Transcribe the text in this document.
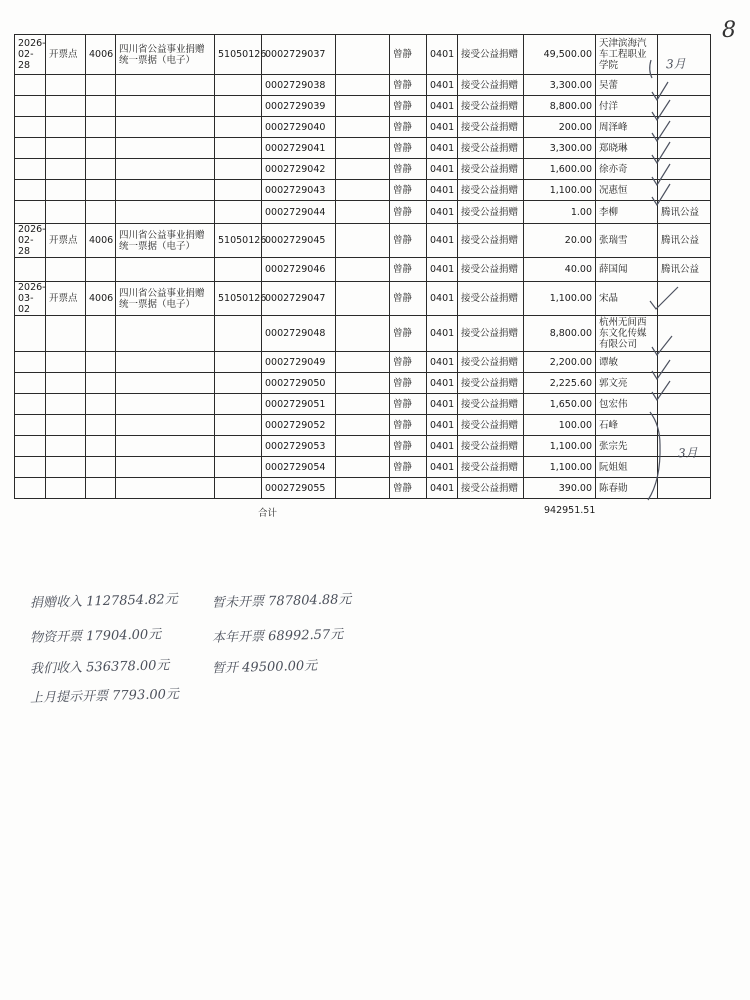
8
2026-02-28	开票点	4006	四川省公益事业捐赠统一票据（电子）	51050126	0002729037		曾静	0401	接受公益捐赠	49,500.00	天津滨海汽车工程职业学院	
					0002729038		曾静	0401	接受公益捐赠	3,300.00	吴蕾	
					0002729039		曾静	0401	接受公益捐赠	8,800.00	付洋	
					0002729040		曾静	0401	接受公益捐赠	200.00	周泽峰	
					0002729041		曾静	0401	接受公益捐赠	3,300.00	郑晓琳	
					0002729042		曾静	0401	接受公益捐赠	1,600.00	徐亦奇	
					0002729043		曾静	0401	接受公益捐赠	1,100.00	况惠恒	
					0002729044		曾静	0401	接受公益捐赠	1.00	李柳	腾讯公益
2026-02-28	开票点	4006	四川省公益事业捐赠统一票据（电子）	51050126	0002729045		曾静	0401	接受公益捐赠	20.00	张瑞雪	腾讯公益
					0002729046		曾静	0401	接受公益捐赠	40.00	薛国闻	腾讯公益
2026-03-02	开票点	4006	四川省公益事业捐赠统一票据（电子）	51050126	0002729047		曾静	0401	接受公益捐赠	1,100.00	宋晶	
					0002729048		曾静	0401	接受公益捐赠	8,800.00	杭州无间西东文化传媒有限公司	
					0002729049		曾静	0401	接受公益捐赠	2,200.00	谭敏	
					0002729050		曾静	0401	接受公益捐赠	2,225.60	郭文亮	
					0002729051		曾静	0401	接受公益捐赠	1,650.00	包宏伟	
					0002729052		曾静	0401	接受公益捐赠	100.00	石峰	
					0002729053		曾静	0401	接受公益捐赠	1,100.00	张宗先	
					0002729054		曾静	0401	接受公益捐赠	1,100.00	阮姐姐	
					0002729055		曾静	0401	接受公益捐赠	390.00	陈春勋	
合计	942951.51
3月
3月
捐赠收入 1127854.82元	暂未开票 787804.88元
物资开票 17904.00元	本年开票 68992.57元
我们收入 536378.00元	暂开 49500.00元
上月提示开票 7793.00元
